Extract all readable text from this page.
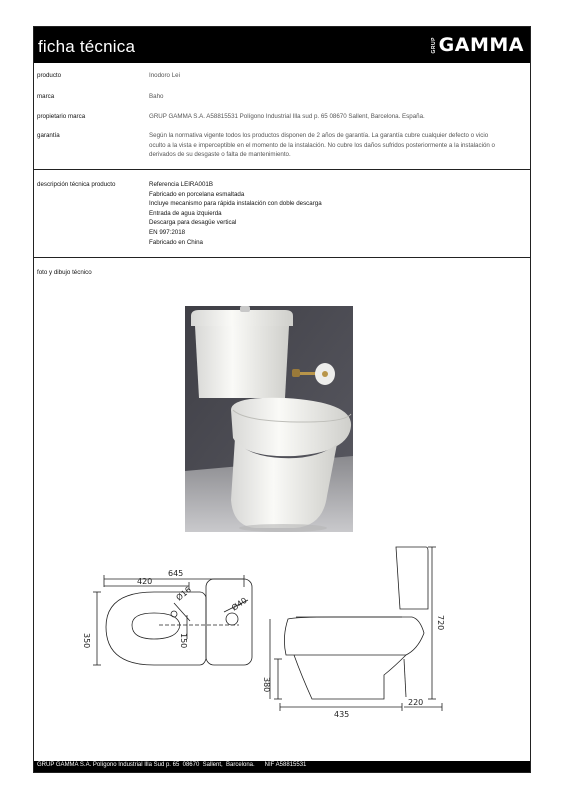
ficha técnica	GRUP GAMMA
producto	Inodoro Lei
marca	Baho
propietario marca	GRUP GAMMA S.A. A58815531 Polígono Industrial Illa sud p. 65 08670 Sallent, Barcelona. España.
garantía	Según la normativa vigente todos los productos disponen de 2 años de garantía. La garantía cubre cualquier defecto o vicio
oculto a la vista e imperceptible en el momento de la instalación. No cubre los daños sufridos posteriormente a la instalación o
derivados de su desgaste o falta de mantenimiento.
descripción técnica producto	Referencia LEIRA001B
Fabricado en porcelana esmaltada
Incluye mecanismo para rápida instalación con doble descarga
Entrada de agua izquierda
Descarga para desagüe vertical
EN 997:2018
Fabricado en China
foto y dibujo técnico
645
420
350	150
Ø16
Ø40
720
380
435
220
GRUP GAMMA S.A. Polígono Industrial Illa Sud p. 65  08670  Sallent,  Barcelona.      NIF A58815531
